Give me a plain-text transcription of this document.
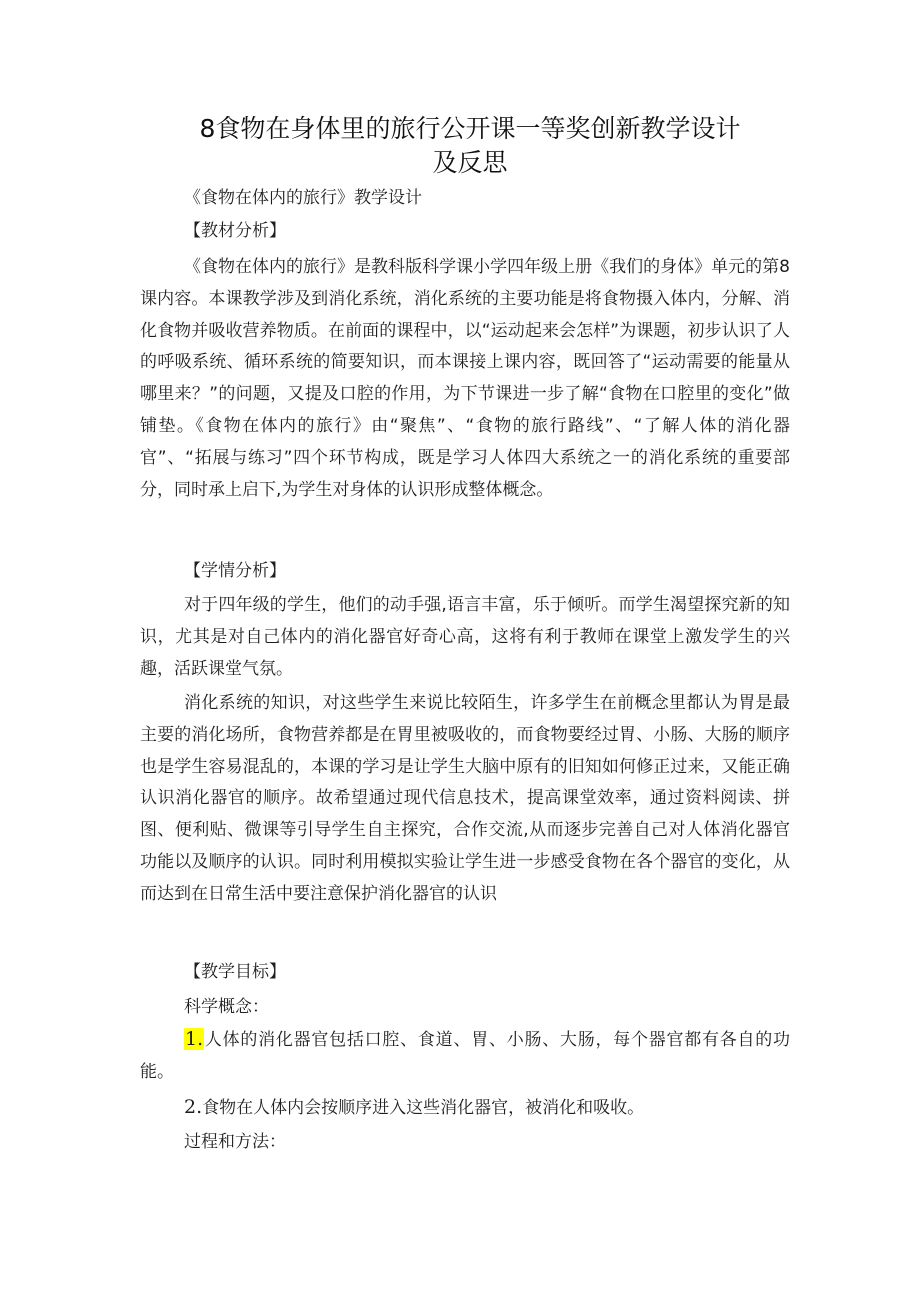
8食物在身体里的旅行公开课一等奖创新教学设计
及反思

《食物在体内的旅行》教学设计

【教材分析】

《食物在体内的旅行》是教科版科学课小学四年级上册《我们的身体》单元的第8课内容。本课教学涉及到消化系统，消化系统的主要功能是将食物摄入体内，分解、消化食物并吸收营养物质。在前面的课程中，以“运动起来会怎样”为课题，初步认识了人的呼吸系统、循环系统的简要知识，而本课接上课内容，既回答了“运动需要的能量从哪里来？”的问题，又提及口腔的作用，为下节课进一步了解“食物在口腔里的变化”做铺垫。《食物在体内的旅行》由“聚焦”、“食物的旅行路线”、“了解人体的消化器官”、“拓展与练习”四个环节构成，既是学习人体四大系统之一的消化系统的重要部分，同时承上启下,为学生对身体的认识形成整体概念。

【学情分析】

对于四年级的学生，他们的动手强,语言丰富，乐于倾听。而学生渴望探究新的知识，尤其是对自己体内的消化器官好奇心高，这将有利于教师在课堂上激发学生的兴趣，活跃课堂气氛。

消化系统的知识，对这些学生来说比较陌生，许多学生在前概念里都认为胃是最主要的消化场所，食物营养都是在胃里被吸收的，而食物要经过胃、小肠、大肠的顺序也是学生容易混乱的，本课的学习是让学生大脑中原有的旧知如何修正过来，又能正确认识消化器官的顺序。故希望通过现代信息技术，提高课堂效率，通过资料阅读、拼图、便利贴、微课等引导学生自主探究，合作交流,从而逐步完善自己对人体消化器官功能以及顺序的认识。同时利用模拟实验让学生进一步感受食物在各个器官的变化，从而达到在日常生活中要注意保护消化器官的认识

【教学目标】

科学概念：

1.人体的消化器官包括口腔、食道、胃、小肠、大肠，每个器官都有各自的功能。

2.食物在人体内会按顺序进入这些消化器官，被消化和吸收。

过程和方法：
